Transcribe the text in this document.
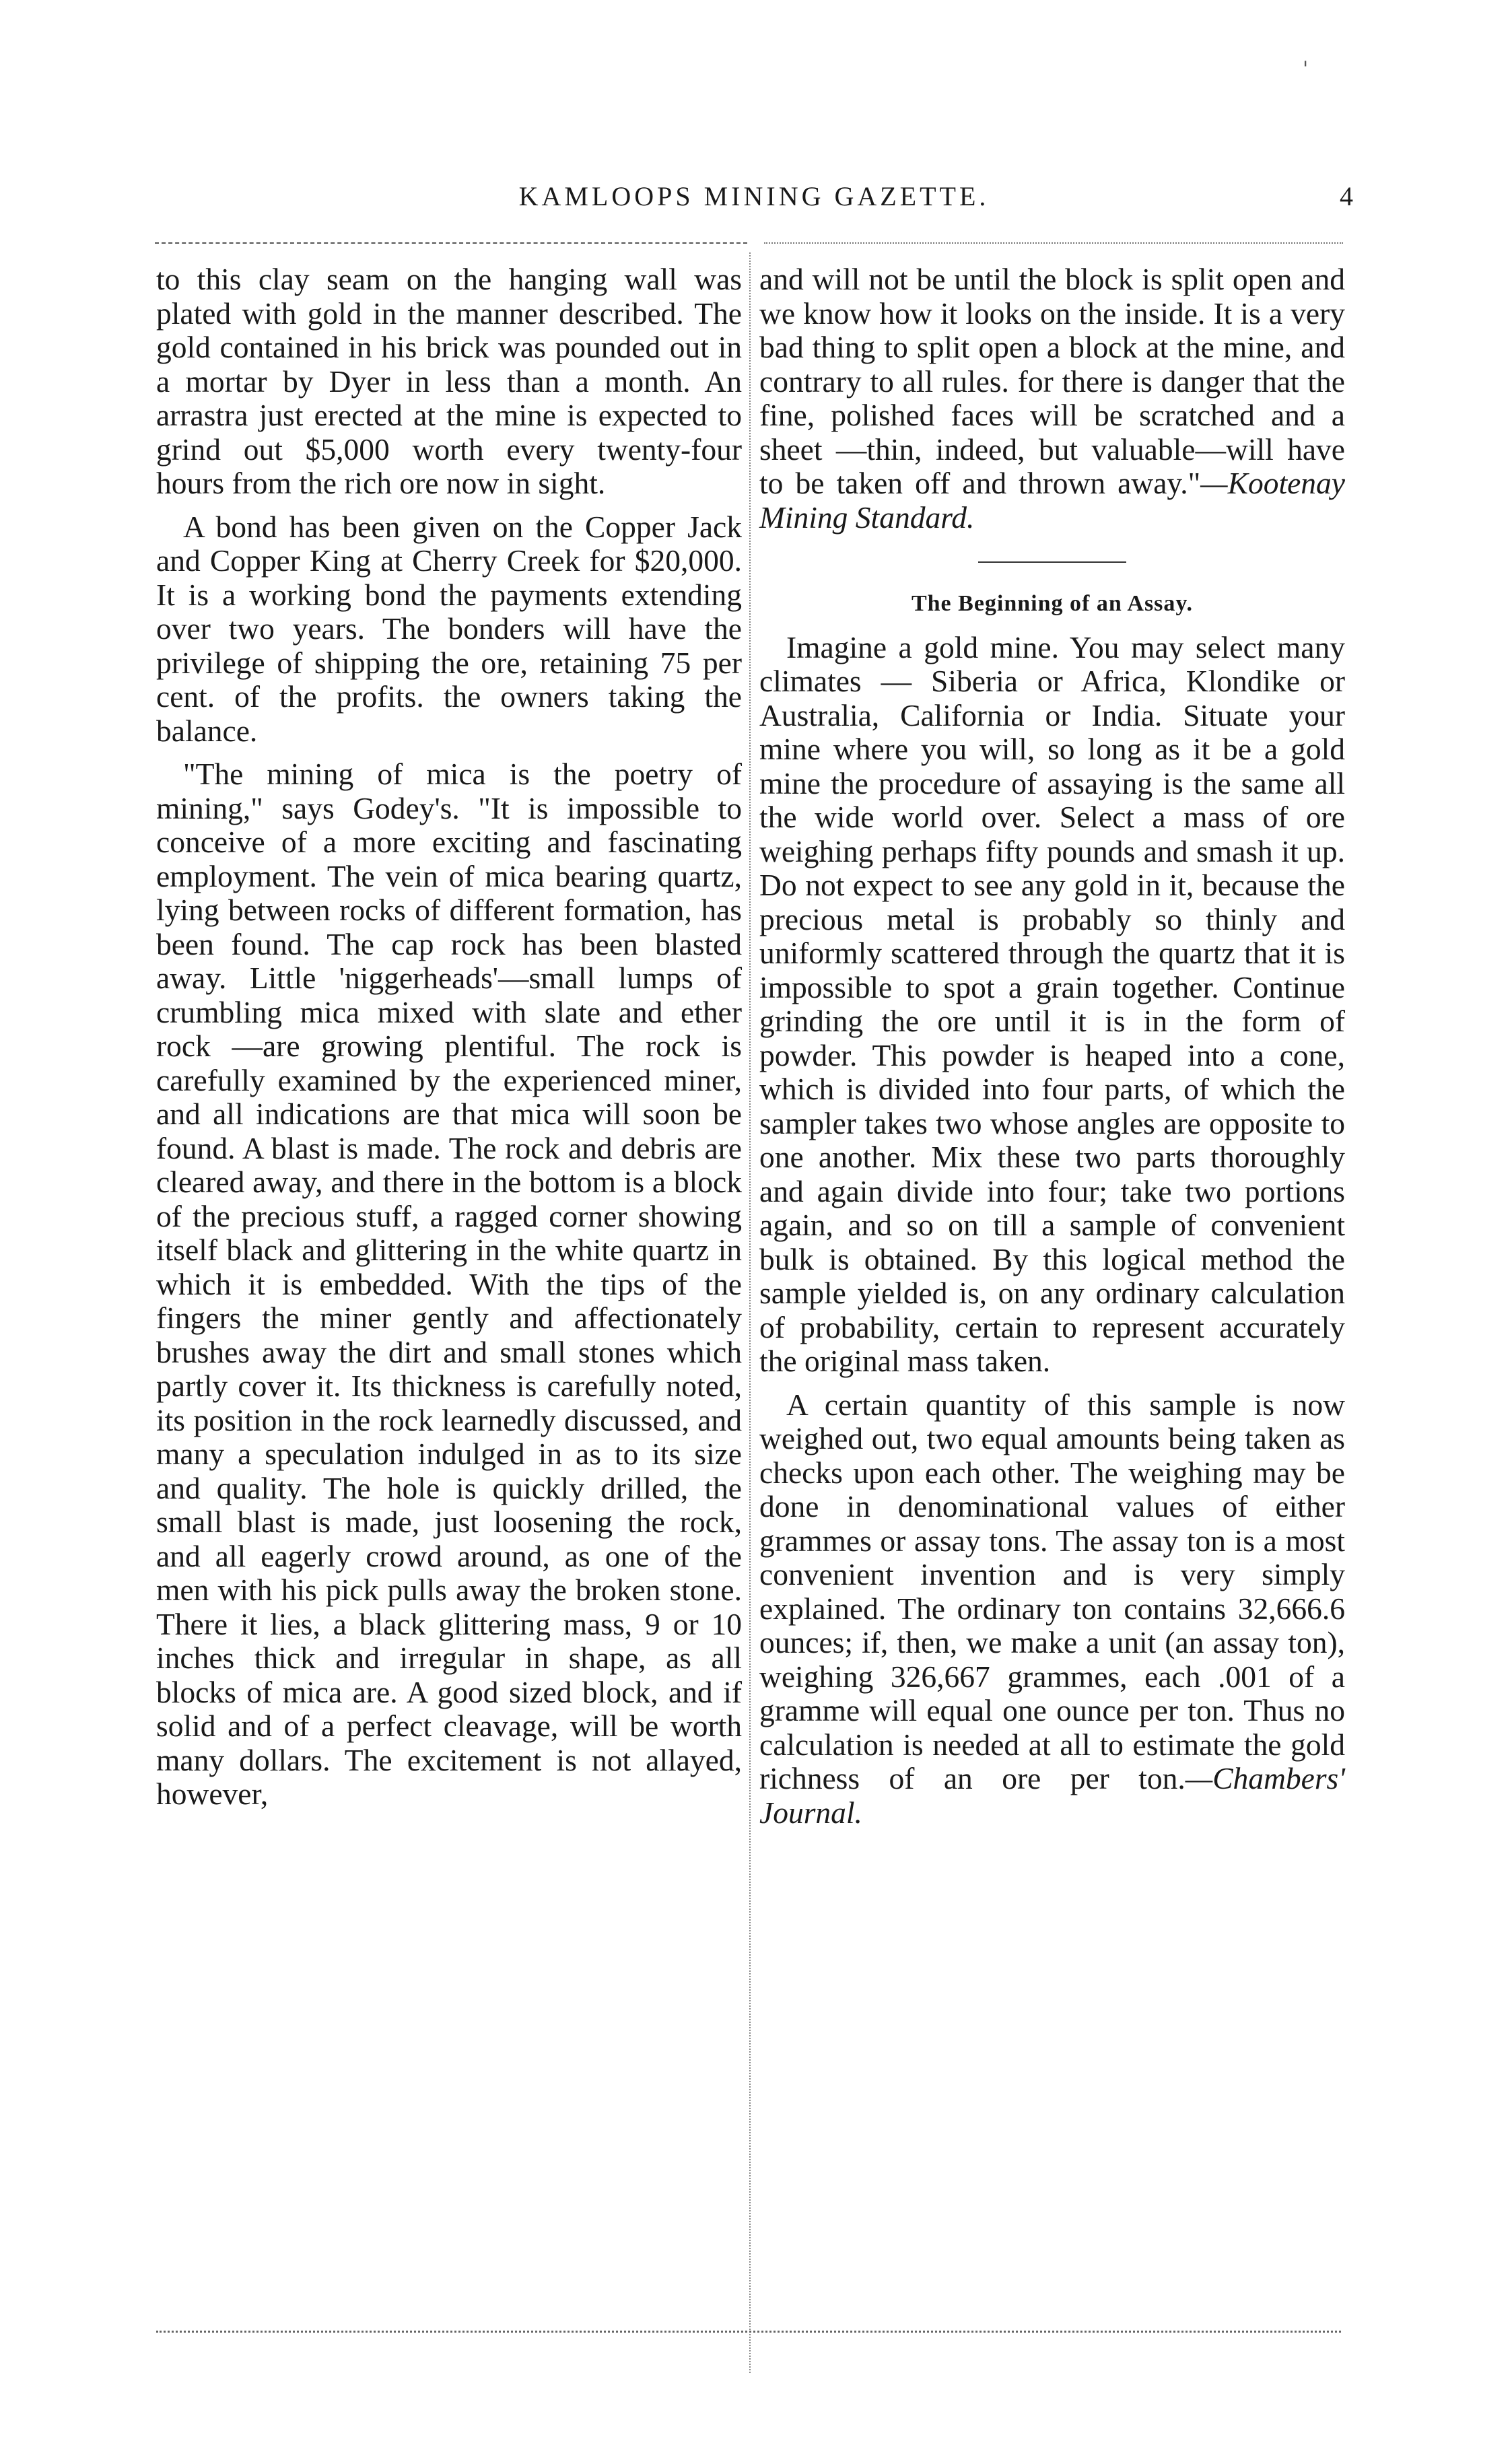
'
KAMLOOPS MINING GAZETTE.	4

to this clay seam on the hanging wall was plated with gold in the manner described. The gold contained in his brick was pounded out in a mortar by Dyer in less than a month. An arrastra just erected at the mine is expected to grind out $5,000 worth every twenty-four hours from the rich ore now in sight.

A bond has been given on the Copper Jack and Copper King at Cherry Creek for $20,000. It is a working bond the payments extending over two years. The bonders will have the privilege of shipping the ore, retaining 75 per cent. of the profits. the owners taking the balance.

"The mining of mica is the poetry of mining," says Godey's. "It is impossible to conceive of a more exciting and fascinating employment. The vein of mica bearing quartz, lying between rocks of different formation, has been found. The cap rock has been blasted away. Little 'niggerheads'—small lumps of crumbling mica mixed with slate and ether rock —are growing plentiful. The rock is carefully examined by the experienced miner, and all indications are that mica will soon be found. A blast is made. The rock and debris are cleared away, and there in the bottom is a block of the precious stuff, a ragged corner showing itself black and glittering in the white quartz in which it is embedded. With the tips of the fingers the miner gently and affectionately brushes away the dirt and small stones which partly cover it. Its thickness is carefully noted, its position in the rock learnedly discussed, and many a speculation indulged in as to its size and quality. The hole is quickly drilled, the small blast is made, just loosening the rock, and all eagerly crowd around, as one of the men with his pick pulls away the broken stone. There it lies, a black glittering mass, 9 or 10 inches thick and irregular in shape, as all blocks of mica are. A good sized block, and if solid and of a perfect cleavage, will be worth many dollars. The excitement is not allayed, however,

and will not be until the block is split open and we know how it looks on the inside. It is a very bad thing to split open a block at the mine, and contrary to all rules. for there is danger that the fine, polished faces will be scratched and a sheet —thin, indeed, but valuable—will have to be taken off and thrown away."—Kootenay Mining Standard.

The Beginning of an Assay.

Imagine a gold mine. You may select many climates — Siberia or Africa, Klondike or Australia, California or India. Situate your mine where you will, so long as it be a gold mine the procedure of assaying is the same all the wide world over. Select a mass of ore weighing perhaps fifty pounds and smash it up. Do not expect to see any gold in it, because the precious metal is probably so thinly and uniformly scattered through the quartz that it is impossible to spot a grain together. Continue grinding the ore until it is in the form of powder. This powder is heaped into a cone, which is divided into four parts, of which the sampler takes two whose angles are opposite to one another. Mix these two parts thoroughly and again divide into four; take two portions again, and so on till a sample of convenient bulk is obtained. By this logical method the sample yielded is, on any ordinary calculation of probability, certain to represent accurately the original mass taken.

A certain quantity of this sample is now weighed out, two equal amounts being taken as checks upon each other. The weighing may be done in denominational values of either grammes or assay tons. The assay ton is a most convenient invention and is very simply explained. The ordinary ton contains 32,666.6 ounces; if, then, we make a unit (an assay ton), weighing 326,667 grammes, each .001 of a gramme will equal one ounce per ton. Thus no calculation is needed at all to estimate the gold richness of an ore per ton.—Chambers' Journal.
